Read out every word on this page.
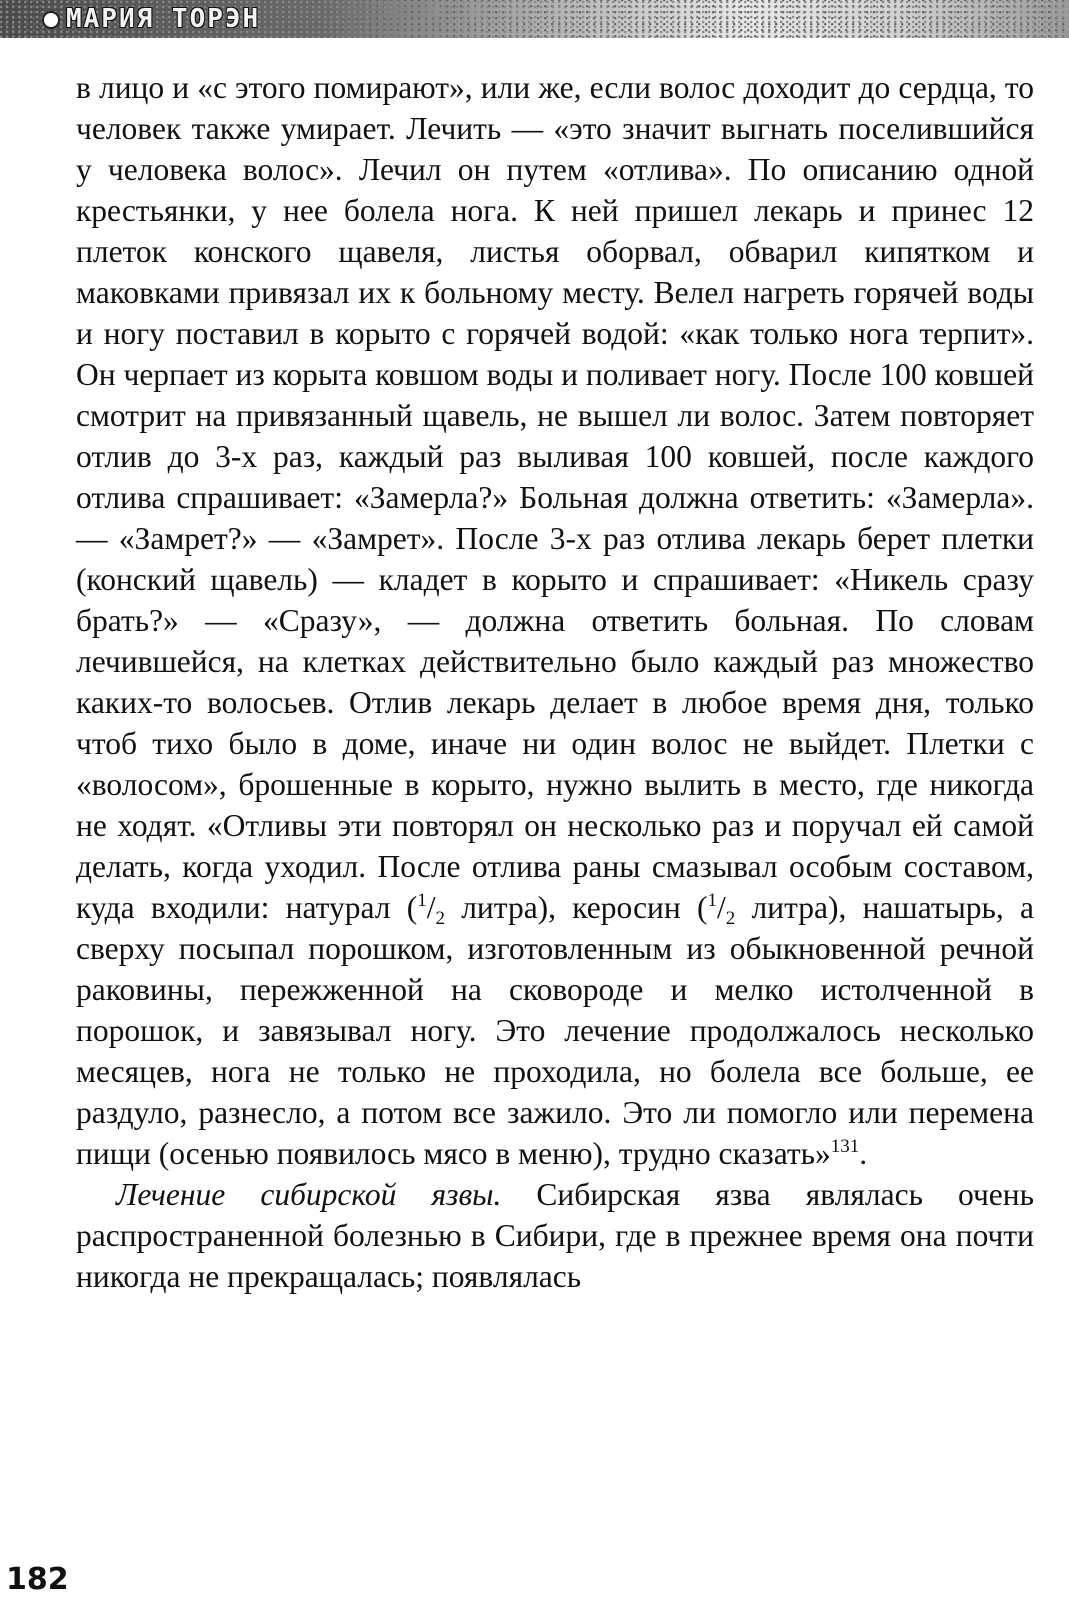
МАРИЯ ТОРЭН

в лицо и «с этого помирают», или же, если волос доходит до сердца, то человек также умирает. Лечить — «это значит выгнать поселившийся у человека волос». Лечил он путем «отлива». По описанию одной крестьянки, у нее болела нога. К ней пришел лекарь и принес 12 плеток конского щавеля, листья оборвал, обварил кипятком и маковками привязал их к больному месту. Велел нагреть горячей воды и ногу поставил в корыто с горячей водой: «как только нога терпит». Он черпает из корыта ковшом воды и поливает ногу. После 100 ковшей смотрит на привязанный щавель, не вышел ли волос. Затем повторяет отлив до 3-х раз, каждый раз выливая 100 ковшей, после каждого отлива спрашивает: «Замерла?» Больная должна ответить: «Замерла». — «Замрет?» — «Замрет». После 3-х раз отлива лекарь берет плетки (конский щавель) — кладет в корыто и спрашивает: «Никель сразу брать?» — «Сразу», — должна ответить больная. По словам лечившейся, на клетках действительно было каждый раз множество каких-то волосьев. Отлив лекарь делает в любое время дня, только чтоб тихо было в доме, иначе ни один волос не выйдет. Плетки с «волосом», брошенные в корыто, нужно вылить в место, где никогда не ходят. «Отливы эти повторял он несколько раз и поручал ей самой делать, когда уходил. После отлива раны смазывал особым составом, куда входили: натурал ($^1/_2$ литра), керосин ($^1/_2$ литра), нашатырь, а сверху посыпал порошком, изготовленным из обыкновенной речной раковины, пережженной на сковороде и мелко истолченной в порошок, и завязывал ногу. Это лечение продолжалось несколько месяцев, нога не только не проходила, но болела все больше, ее раздуло, разнесло, а потом все зажило. Это ли помогло или перемена пищи (осенью появилось мясо в меню), трудно сказать»$^{131}$.

Лечение сибирской язвы. Сибирская язва являлась очень распространенной болезнью в Сибири, где в прежнее время она почти никогда не прекращалась; появлялась

182
